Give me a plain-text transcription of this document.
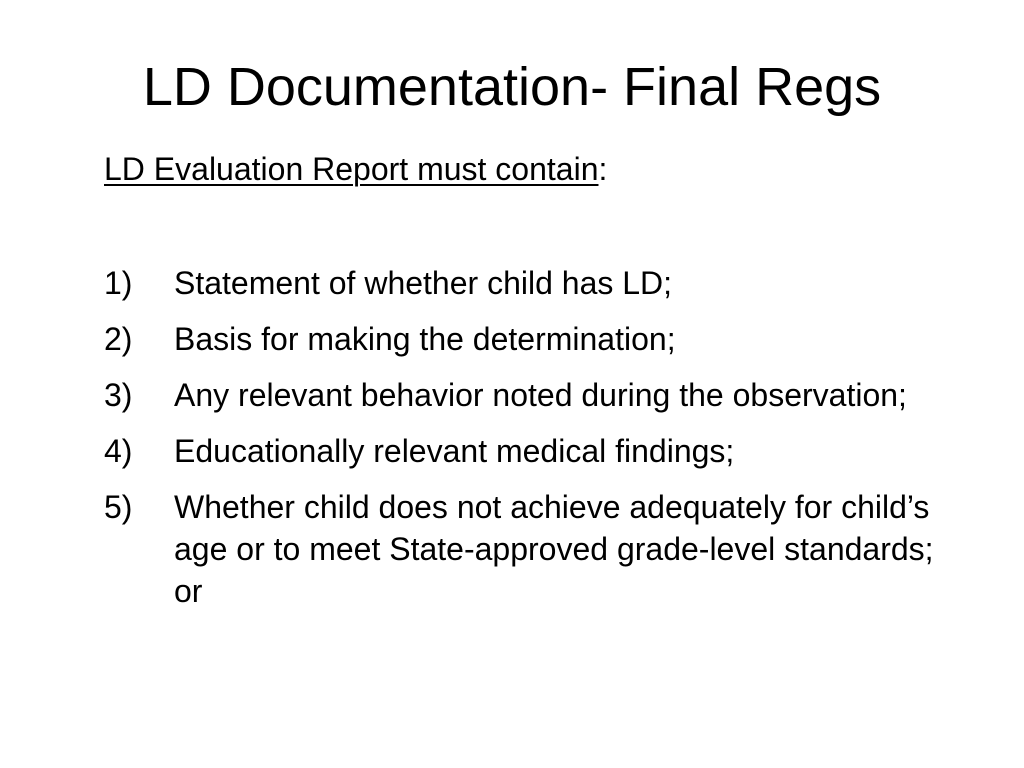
LD Documentation- Final Regs

LD Evaluation Report must contain:

1)	Statement of whether child has LD;
2)	Basis for making the determination;
3)	Any relevant behavior noted during the observation;
4)	Educationally relevant medical findings;
5)	Whether child does not achieve adequately for child’s age or to meet State-approved grade-level standards; or
